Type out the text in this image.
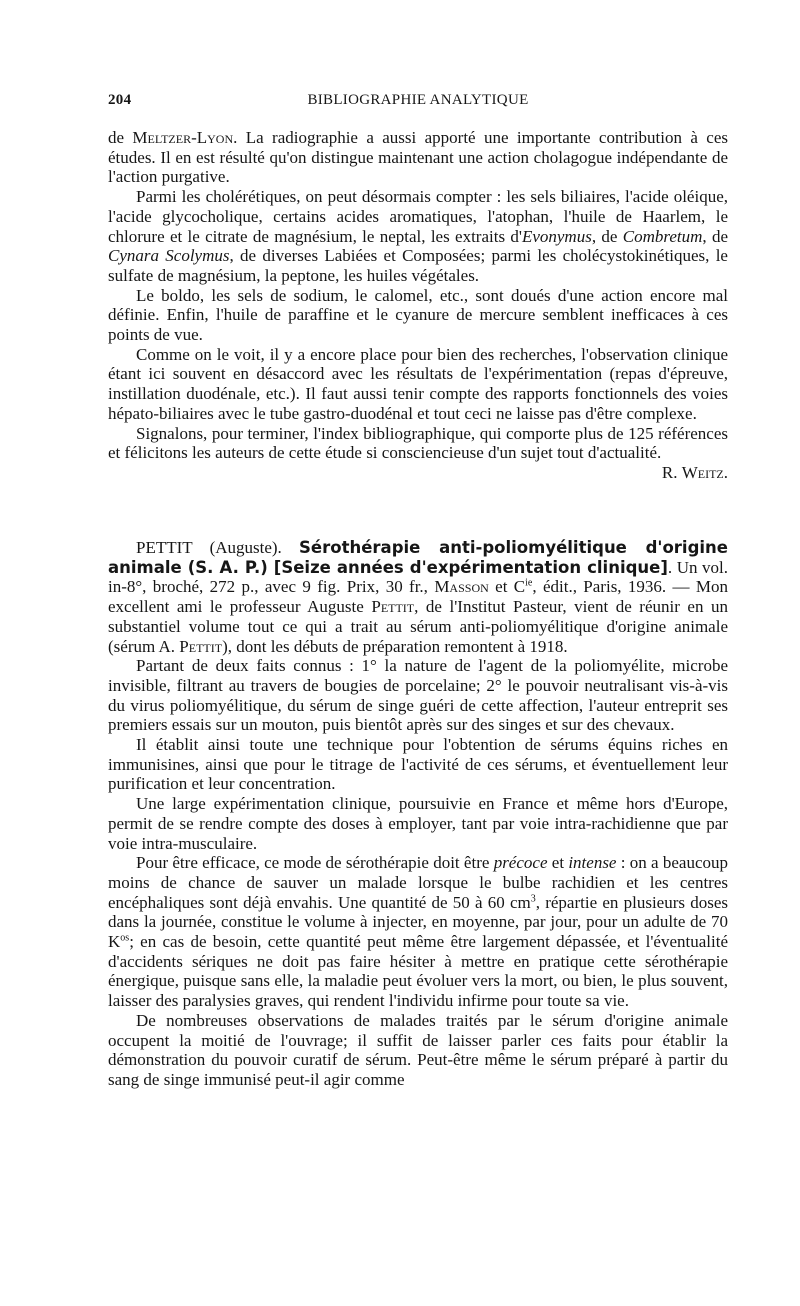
204	BIBLIOGRAPHIE ANALYTIQUE

de Meltzer-Lyon. La radiographie a aussi apporté une importante contribution à ces études. Il en est résulté qu'on distingue maintenant une action cholagogue indépendante de l'action purgative.

Parmi les cholérétiques, on peut désormais compter : les sels biliaires, l'acide oléique, l'acide glycocholique, certains acides aromatiques, l'atophan, l'huile de Haarlem, le chlorure et le citrate de magnésium, le neptal, les extraits d'Evonymus, de Combretum, de Cynara Scolymus, de diverses Labiées et Composées; parmi les cholécystokinétiques, le sulfate de magnésium, la peptone, les huiles végétales.

Le boldo, les sels de sodium, le calomel, etc., sont doués d'une action encore mal définie. Enfin, l'huile de paraffine et le cyanure de mercure semblent inefficaces à ces points de vue.

Comme on le voit, il y a encore place pour bien des recherches, l'observation clinique étant ici souvent en désaccord avec les résultats de l'expérimentation (repas d'épreuve, instillation duodénale, etc.). Il faut aussi tenir compte des rapports fonctionnels des voies hépato-biliaires avec le tube gastro-duodénal et tout ceci ne laisse pas d'être complexe.

Signalons, pour terminer, l'index bibliographique, qui comporte plus de 125 références et félicitons les auteurs de cette étude si consciencieuse d'un sujet tout d'actualité.
R. Weitz.

PETTIT (Auguste). Sérothérapie anti-poliomyélitique d'origine animale (S. A. P.) [Seize années d'expérimentation clinique]. Un vol. in-8°, broché, 272 p., avec 9 fig. Prix, 30 fr., Masson et $C^{ie}$, édit., Paris, 1936. — Mon excellent ami le professeur Auguste Pettit, de l'Institut Pasteur, vient de réunir en un substantiel volume tout ce qui a trait au sérum anti-poliomyélitique d'origine animale (sérum A. Pettit), dont les débuts de préparation remontent à 1918.

Partant de deux faits connus : 1° la nature de l'agent de la poliomyélite, microbe invisible, filtrant au travers de bougies de porcelaine; 2° le pouvoir neutralisant vis-à-vis du virus poliomyélitique, du sérum de singe guéri de cette affection, l'auteur entreprit ses premiers essais sur un mouton, puis bientôt après sur des singes et sur des chevaux.

Il établit ainsi toute une technique pour l'obtention de sérums équins riches en immunisines, ainsi que pour le titrage de l'activité de ces sérums, et éventuellement leur purification et leur concentration.

Une large expérimentation clinique, poursuivie en France et même hors d'Europe, permit de se rendre compte des doses à employer, tant par voie intra-rachidienne que par voie intra-musculaire.

Pour être efficace, ce mode de sérothérapie doit être précoce et intense : on a beaucoup moins de chance de sauver un malade lorsque le bulbe rachidien et les centres encéphaliques sont déjà envahis. Une quantité de 50 à 60 $cm^3$, répartie en plusieurs doses dans la journée, constitue le volume à injecter, en moyenne, par jour, pour un adulte de 70 $K^{os}$; en cas de besoin, cette quantité peut même être largement dépassée, et l'éventualité d'accidents sériques ne doit pas faire hésiter à mettre en pratique cette sérothérapie énergique, puisque sans elle, la maladie peut évoluer vers la mort, ou bien, le plus souvent, laisser des paralysies graves, qui rendent l'individu infirme pour toute sa vie.

De nombreuses observations de malades traités par le sérum d'origine animale occupent la moitié de l'ouvrage; il suffit de laisser parler ces faits pour établir la démonstration du pouvoir curatif de sérum. Peut-être même le sérum préparé à partir du sang de singe immunisé peut-il agir comme
